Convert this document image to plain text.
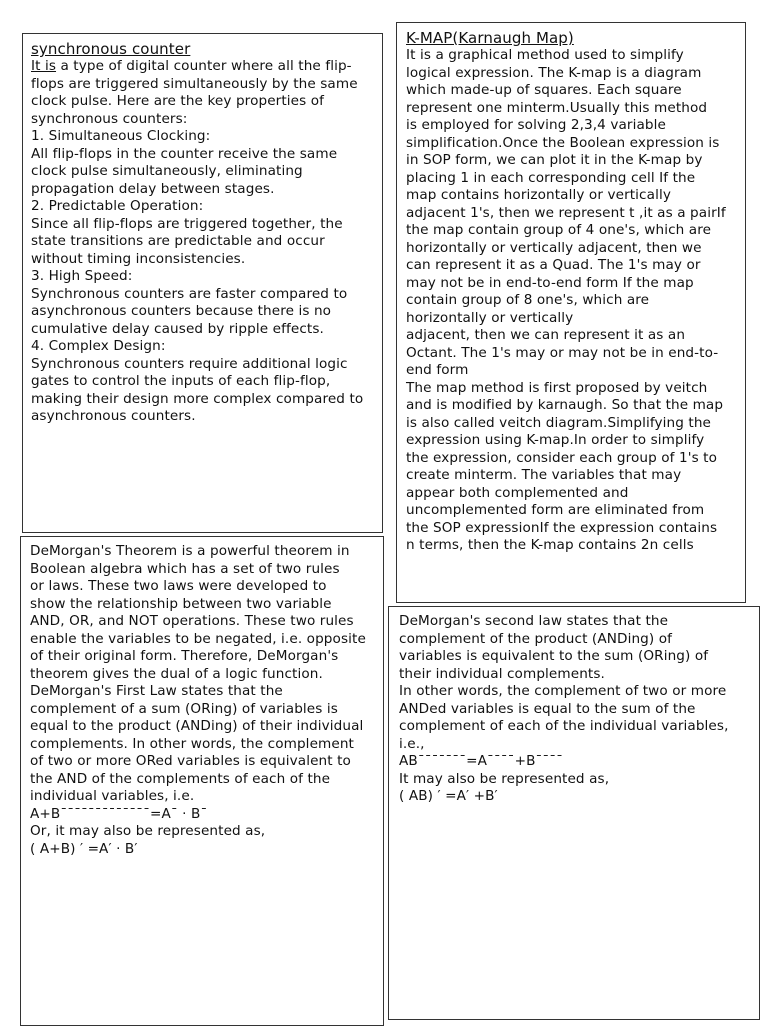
synchronous counter
It is a type of digital counter where all the flip-
flops are triggered simultaneously by the same
clock pulse. Here are the key properties of
synchronous counters:
1. Simultaneous Clocking:
All flip-flops in the counter receive the same
clock pulse simultaneously, eliminating
propagation delay between stages.
2. Predictable Operation:
Since all flip-flops are triggered together, the
state transitions are predictable and occur
without timing inconsistencies.
3. High Speed:
Synchronous counters are faster compared to
asynchronous counters because there is no
cumulative delay caused by ripple effects.
4. Complex Design:
Synchronous counters require additional logic
gates to control the inputs of each flip-flop,
making their design more complex compared to
asynchronous counters.
K-MAP(Karnaugh Map)
It is a graphical method used to simplify
logical expression. The K-map is a diagram
which made-up of squares. Each square
represent one minterm.Usually this method
is employed for solving 2,3,4 variable
simplification.Once the Boolean expression is
in SOP form, we can plot it in the K-map by
placing 1 in each corresponding cell If the
map contains horizontally or vertically
adjacent 1's, then we represent t ,it as a pairIf
the map contain group of 4 one's, which are
horizontally or vertically adjacent, then we
can represent it as a Quad. The 1's may or
may not be in end-to-end form If the map
contain group of 8 one's, which are
horizontally or vertically
adjacent, then we can represent it as an
Octant. The 1's may or may not be in end-to-
end form
The map method is first proposed by veitch
and is modified by karnaugh. So that the map
is also called veitch diagram.Simplifying the
expression using K-map.In order to simplify
the expression, consider each group of 1's to
create minterm. The variables that may
appear both complemented and
uncomplemented form are eliminated from
the SOP expressionIf the expression contains
n terms, then the K-map contains 2n cells
DeMorgan's Theorem is a powerful theorem in
Boolean algebra which has a set of two rules
or laws. These two laws were developed to
show the relationship between two variable
AND, OR, and NOT operations. These two rules
enable the variables to be negated, i.e. opposite
of their original form. Therefore, DeMorgan's
theorem gives the dual of a logic function.
DeMorgan's First Law states that the
complement of a sum (ORing) of variables is
equal to the product (ANDing) of their individual
complements. In other words, the complement
of two or more ORed variables is equivalent to
the AND of the complements of each of the
individual variables, i.e.
A+B¯¯¯¯¯¯¯¯¯¯¯¯¯=A¯ · B¯
Or, it may also be represented as,
( A+B) ′ =A′ · B′
DeMorgan's second law states that the
complement of the product (ANDing) of
variables is equivalent to the sum (ORing) of
their individual complements.
In other words, the complement of two or more
ANDed variables is equal to the sum of the
complement of each of the individual variables,
i.e.,
AB¯¯¯¯¯¯¯=A¯¯¯¯+B¯¯¯¯
It may also be represented as,
( AB) ′ =A′ +B′
